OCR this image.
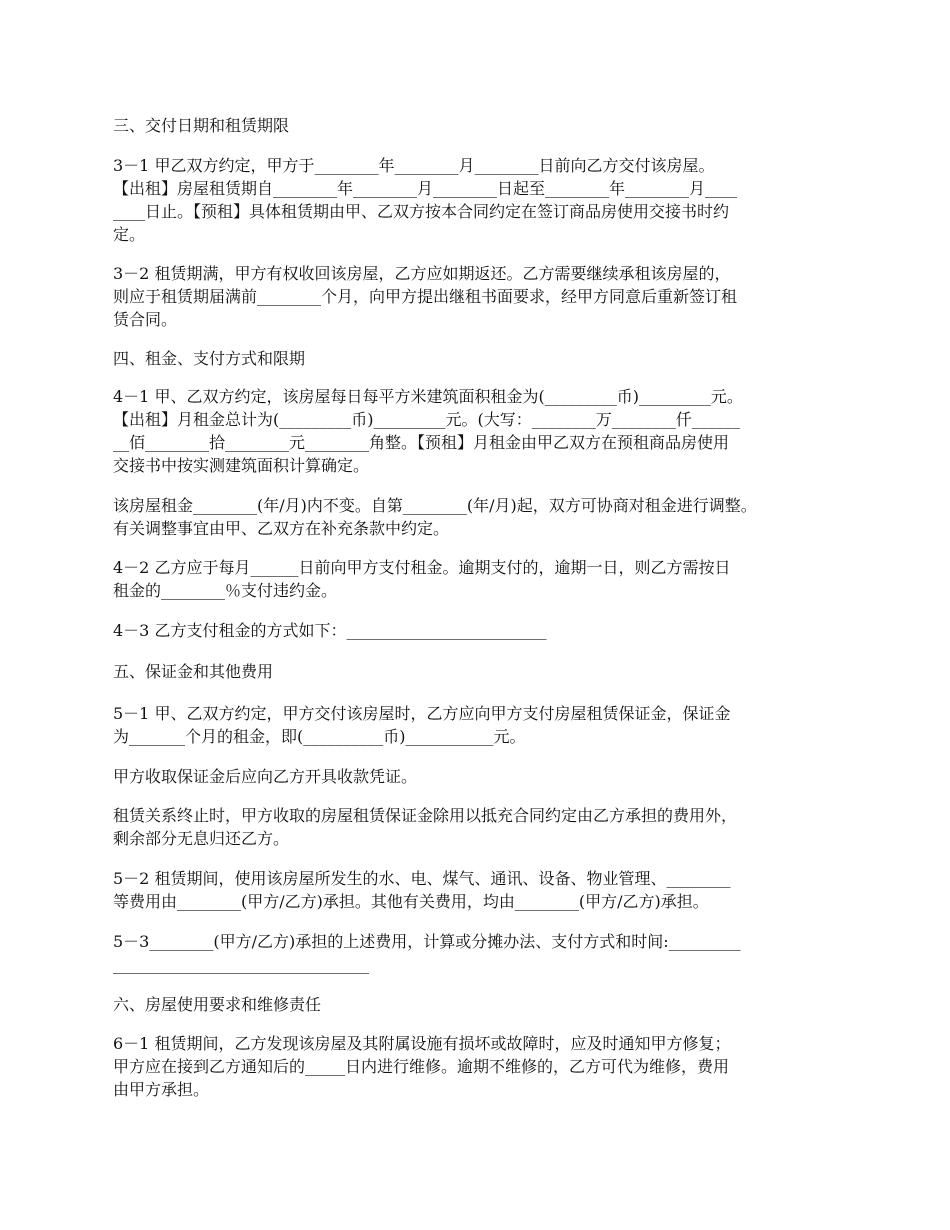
三、交付日期和租赁期限
3－1 甲乙双方约定，甲方于________年________月________日前向乙方交付该房屋。
【出租】房屋租赁期自________年________月________日起至________年________月____
____日止。【预租】具体租赁期由甲、乙双方按本合同约定在签订商品房使用交接书时约
定。
3－2 租赁期满，甲方有权收回该房屋，乙方应如期返还。乙方需要继续承租该房屋的，
则应于租赁期届满前________个月，向甲方提出继租书面要求，经甲方同意后重新签订租
赁合同。
四、租金、支付方式和限期
4－1 甲、乙双方约定，该房屋每日每平方米建筑面积租金为(_________币)_________元。
【出租】月租金总计为(_________币)_________元。(大写：________万________仟______
__佰________拾________元________角整。【预租】月租金由甲乙双方在预租商品房使用
交接书中按实测建筑面积计算确定。
该房屋租金________(年/月)内不变。自第________(年/月)起，双方可协商对租金进行调整。
有关调整事宜由甲、乙双方在补充条款中约定。
4－2 乙方应于每月______日前向甲方支付租金。逾期支付的，逾期一日，则乙方需按日
租金的________％支付违约金。
4－3 乙方支付租金的方式如下：_________________________
五、保证金和其他费用
5－1 甲、乙双方约定，甲方交付该房屋时，乙方应向甲方支付房屋租赁保证金，保证金
为_______个月的租金，即(__________币)___________元。
甲方收取保证金后应向乙方开具收款凭证。
租赁关系终止时，甲方收取的房屋租赁保证金除用以抵充合同约定由乙方承担的费用外，
剩余部分无息归还乙方。
5－2 租赁期间，使用该房屋所发生的水、电、煤气、通讯、设备、物业管理、________
等费用由________(甲方/乙方)承担。其他有关费用，均由________(甲方/乙方)承担。
5－3________(甲方/乙方)承担的上述费用，计算或分摊办法、支付方式和时间:_________
________________________________
六、房屋使用要求和维修责任
6－1 租赁期间，乙方发现该房屋及其附属设施有损坏或故障时，应及时通知甲方修复；
甲方应在接到乙方通知后的_____日内进行维修。逾期不维修的，乙方可代为维修，费用
由甲方承担。
